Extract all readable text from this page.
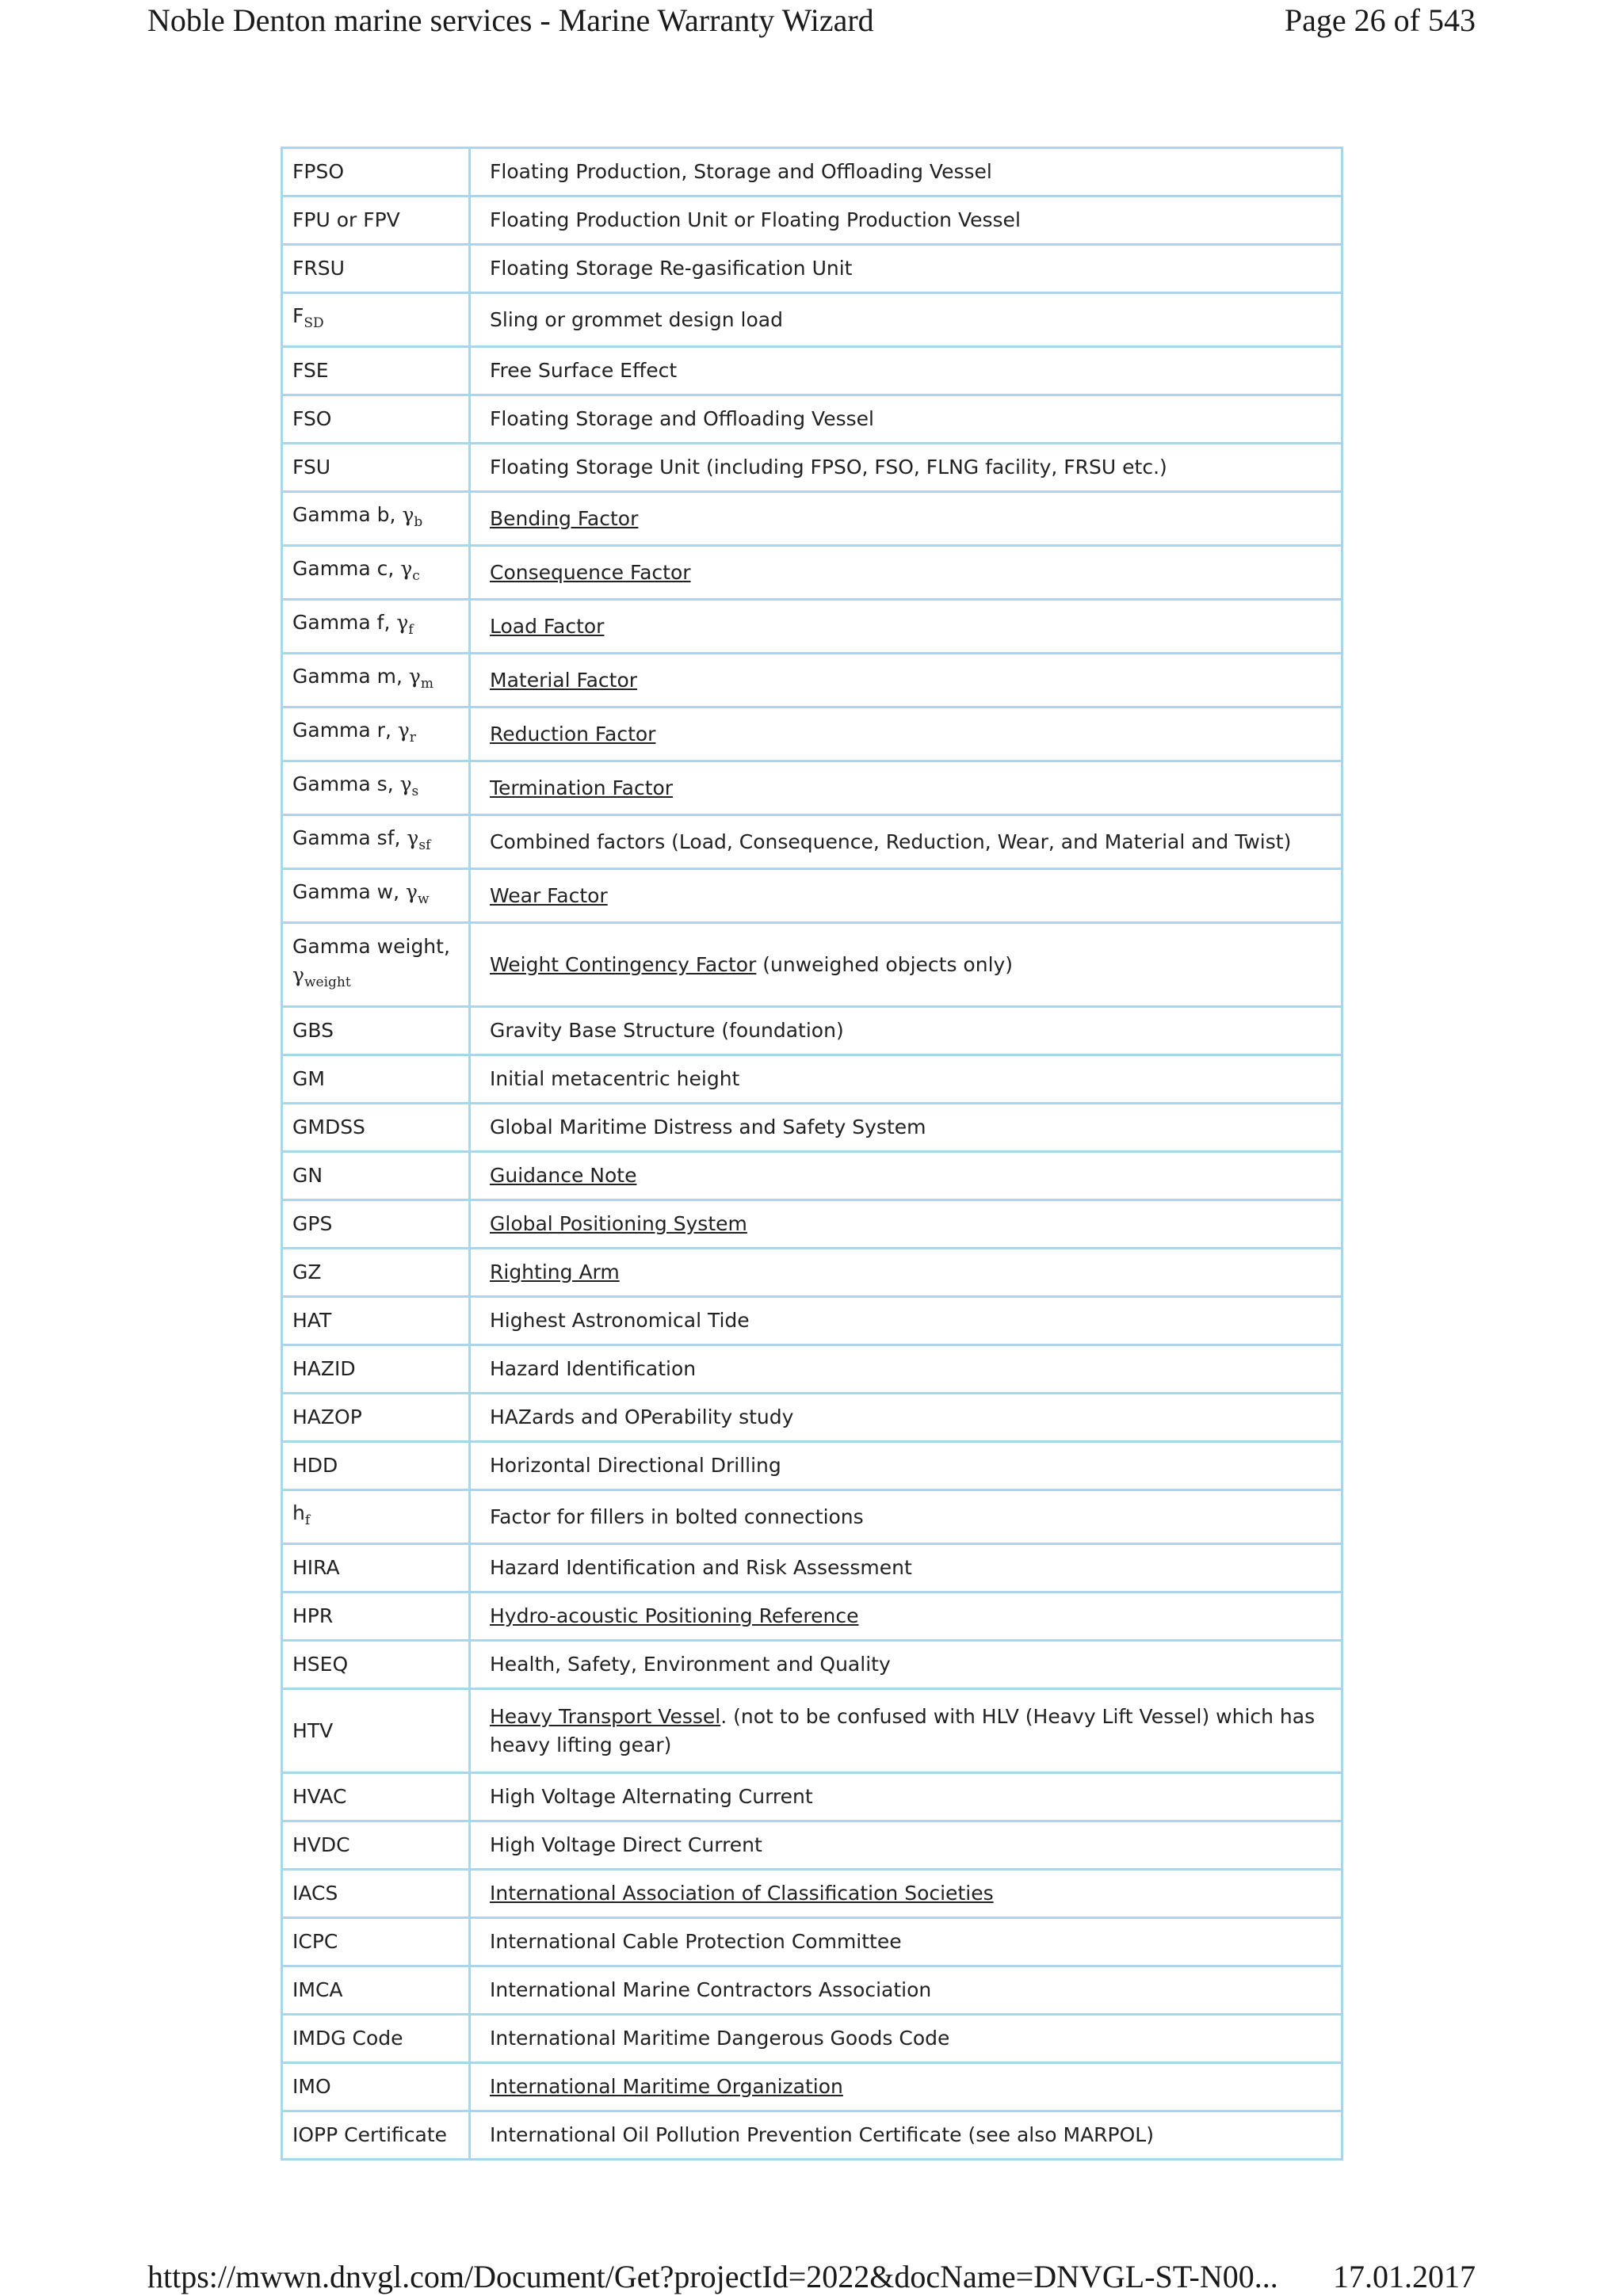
Noble Denton marine services - Marine Warranty Wizard	Page 26 of 543
FPSO	Floating Production, Storage and Offloading Vessel
FPU or FPV	Floating Production Unit or Floating Production Vessel
FRSU	Floating Storage Re-gasification Unit
$F_{SD}$	Sling or grommet design load
FSE	Free Surface Effect
FSO	Floating Storage and Offloading Vessel
FSU	Floating Storage Unit (including FPSO, FSO, FLNG facility, FRSU etc.)
Gamma b, $\gamma_b$	Bending Factor
Gamma c, $\gamma_c$	Consequence Factor
Gamma f, $\gamma_f$	Load Factor
Gamma m, $\gamma_m$	Material Factor
Gamma r, $\gamma_r$	Reduction Factor
Gamma s, $\gamma_s$	Termination Factor
Gamma sf, $\gamma_{sf}$	Combined factors (Load, Consequence, Reduction, Wear, and Material and Twist)
Gamma w, $\gamma_w$	Wear Factor
Gamma weight,
$\gamma_{weight}$	Weight Contingency Factor (unweighed objects only)
GBS	Gravity Base Structure (foundation)
GM	Initial metacentric height
GMDSS	Global Maritime Distress and Safety System
GN	Guidance Note
GPS	Global Positioning System
GZ	Righting Arm
HAT	Highest Astronomical Tide
HAZID	Hazard Identification
HAZOP	HAZards and OPerability study
HDD	Horizontal Directional Drilling
$h_f$	Factor for fillers in bolted connections
HIRA	Hazard Identification and Risk Assessment
HPR	Hydro-acoustic Positioning Reference
HSEQ	Health, Safety, Environment and Quality
HTV	Heavy Transport Vessel. (not to be confused with HLV (Heavy Lift Vessel) which has heavy lifting gear)
HVAC	High Voltage Alternating Current
HVDC	High Voltage Direct Current
IACS	International Association of Classification Societies
ICPC	International Cable Protection Committee
IMCA	International Marine Contractors Association
IMDG Code	International Maritime Dangerous Goods Code
IMO	International Maritime Organization
IOPP Certificate	International Oil Pollution Prevention Certificate (see also MARPOL)
https://mwwn.dnvgl.com/Document/Get?projectId=2022&docName=DNVGL-ST-N00... 17.01.2017
